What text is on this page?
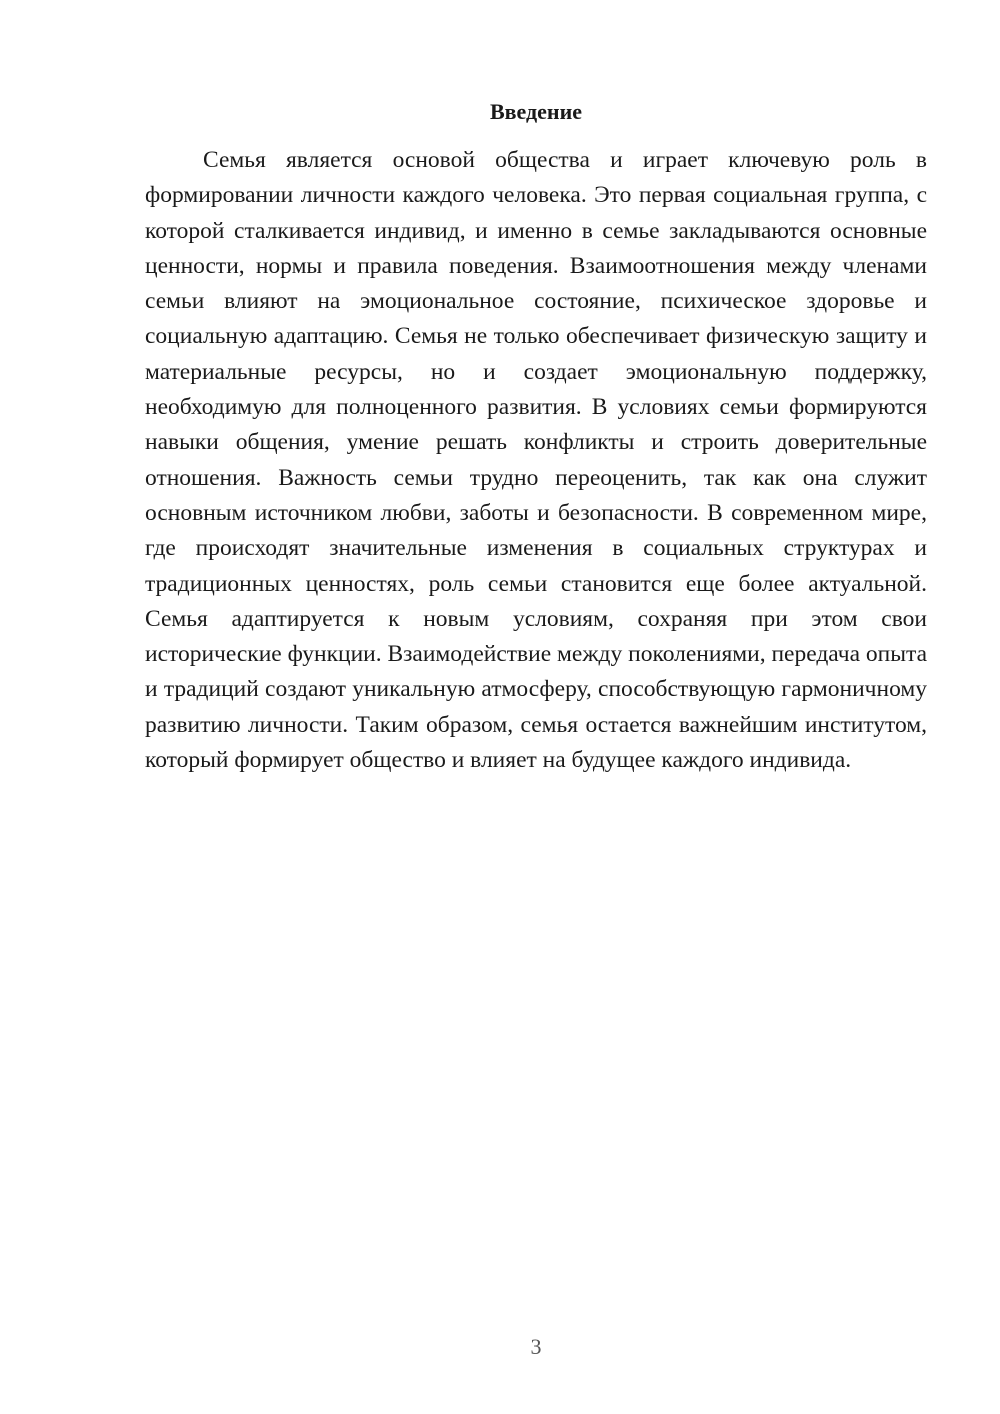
Введение

Семья является основой общества и играет ключевую роль в формировании личности каждого человека. Это первая социальная группа, с которой сталкивается индивид, и именно в семье закладываются основные ценности, нормы и правила поведения. Взаимоотношения между членами семьи влияют на эмоциональное состояние, психическое здоровье и социальную адаптацию. Семья не только обеспечивает физическую защиту и материальные ресурсы, но и создает эмоциональную поддержку, необходимую для полноценного развития. В условиях семьи формируются навыки общения, умение решать конфликты и строить доверительные отношения. Важность семьи трудно переоценить, так как она служит основным источником любви, заботы и безопасности. В современном мире, где происходят значительные изменения в социальных структурах и традиционных ценностях, роль семьи становится еще более актуальной. Семья адаптируется к новым условиям, сохраняя при этом свои исторические функции. Взаимодействие между поколениями, передача опыта и традиций создают уникальную атмосферу, способствующую гармоничному развитию личности. Таким образом, семья остается важнейшим институтом, который формирует общество и влияет на будущее каждого индивида.

3
